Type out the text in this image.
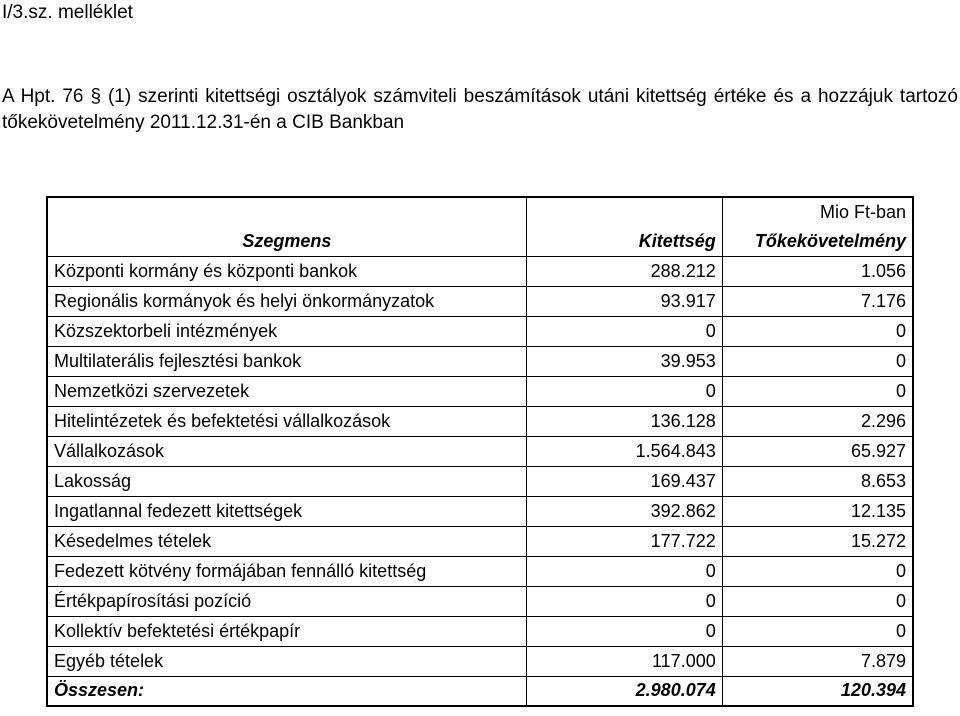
I/3.sz. melléklet
A Hpt. 76 § (1) szerinti kitettségi osztályok számviteli beszámítások utáni kitettség értéke és a hozzájuk tartozó tőkekövetelmény 2011.12.31-én a CIB Bankban
		Mio Ft-ban
Szegmens	Kitettség	Tőkekövetelmény
Központi kormány és központi bankok	288.212	1.056
Regionális kormányok és helyi önkormányzatok	93.917	7.176
Közszektorbeli intézmények	0	0
Multilaterális fejlesztési bankok	39.953	0
Nemzetközi szervezetek	0	0
Hitelintézetek és befektetési vállalkozások	136.128	2.296
Vállalkozások	1.564.843	65.927
Lakosság	169.437	8.653
Ingatlannal fedezett kitettségek	392.862	12.135
Késedelmes tételek	177.722	15.272
Fedezett kötvény formájában fennálló kitettség	0	0
Értékpapírosítási pozíció	0	0
Kollektív befektetési értékpapír	0	0
Egyéb tételek	117.000	7.879
Összesen:	2.980.074	120.394
